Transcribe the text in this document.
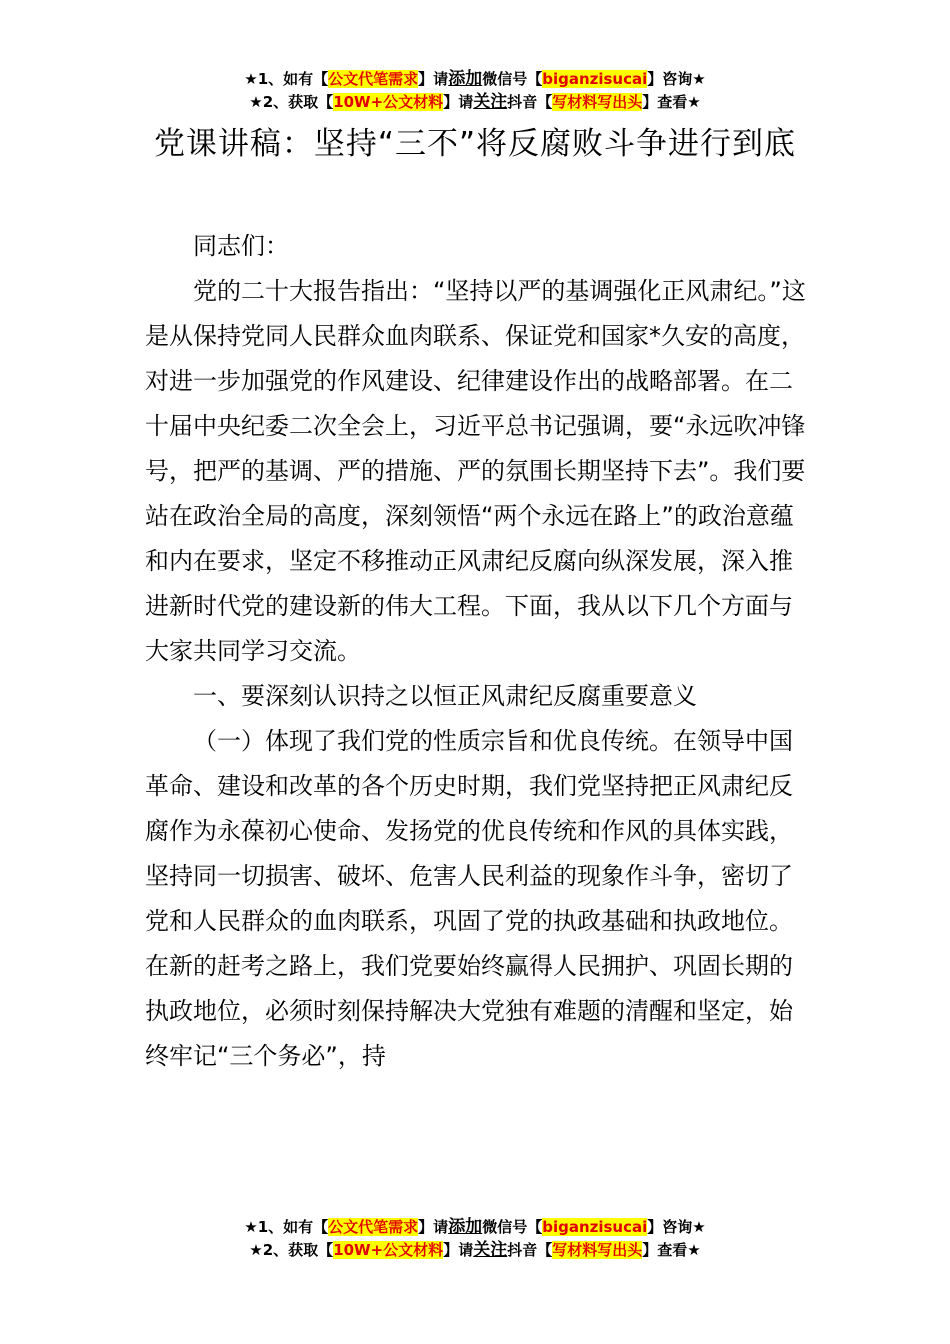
★1、如有【公文代笔需求】请添加微信号【biganzisucai】咨询★
★2、获取【10W+公文材料】请关注抖音【写材料写出头】查看★
党课讲稿：坚持“三不”将反腐败斗争进行到底

同志们：

党的二十大报告指出：“坚持以严的基调强化正风肃纪。”这是从保持党同人民群众血肉联系、保证党和国家*久安的高度，对进一步加强党的作风建设、纪律建设作出的战略部署。在二十届中央纪委二次全会上，习近平总书记强调，要“永远吹冲锋号，把严的基调、严的措施、严的氛围长期坚持下去”。我们要站在政治全局的高度，深刻领悟“两个永远在路上”的政治意蕴和内在要求，坚定不移推动正风肃纪反腐向纵深发展，深入推进新时代党的建设新的伟大工程。下面，我从以下几个方面与大家共同学习交流。

一、要深刻认识持之以恒正风肃纪反腐重要意义

（一）体现了我们党的性质宗旨和优良传统。在领导中国革命、建设和改革的各个历史时期，我们党坚持把正风肃纪反腐作为永葆初心使命、发扬党的优良传统和作风的具体实践，坚持同一切损害、破坏、危害人民利益的现象作斗争，密切了党和人民群众的血肉联系，巩固了党的执政基础和执政地位。在新的赶考之路上，我们党要始终赢得人民拥护、巩固长期的执政地位，必须时刻保持解决大党独有难题的清醒和坚定，始终牢记“三个务必”，持

★1、如有【公文代笔需求】请添加微信号【biganzisucai】咨询★
★2、获取【10W+公文材料】请关注抖音【写材料写出头】查看★
